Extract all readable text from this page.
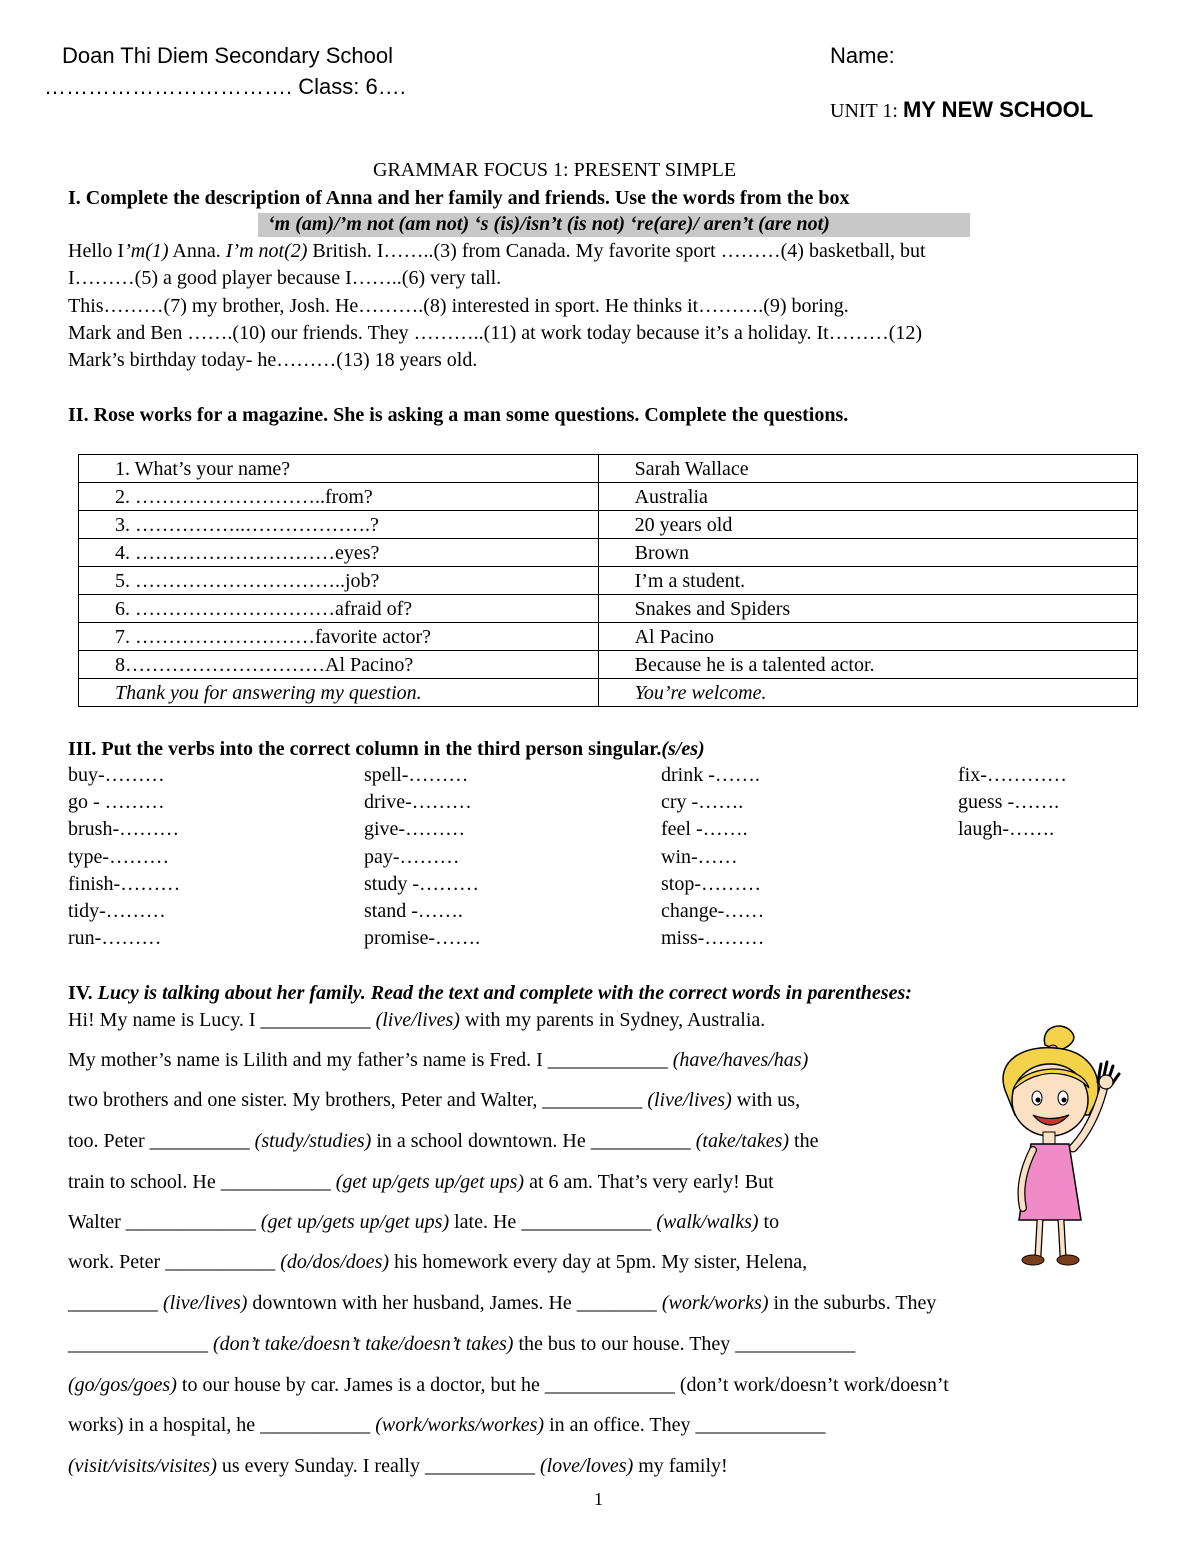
Doan Thi Diem Secondary School	Name:
……………………………. Class: 6….
UNIT 1: MY NEW SCHOOL
GRAMMAR FOCUS 1: PRESENT SIMPLE
I. Complete the description of Anna and her family and friends. Use the words from the box
‘m (am)/’m not (am not) ‘s (is)/isn’t (is not) ‘re(are)/ aren’t (are not)
Hello I’m(1) Anna. I’m not(2) British. I……..(3) from Canada. My favorite sport ………(4) basketball, but
I………(5) a good player because I……..(6) very tall.
This………(7) my brother, Josh. He……….(8) interested in sport. He thinks it……….(9) boring.
Mark and Ben …….(10) our friends. They ………..(11) at work today because it’s a holiday. It………(12)
Mark’s birthday today- he………(13) 18 years old.
II. Rose works for a magazine. She is asking a man some questions. Complete the questions.
1. What’s your name?	Sarah Wallace
2. ………………………..from?	Australia
3. ……………..……………….?	20 years old
4. …………………………eyes?	Brown
5. …………………………..job?	I’m a student.
6. …………………………afraid of?	Snakes and Spiders
7. ………………………favorite actor?	Al Pacino
8…………………………Al Pacino?	Because he is a talented actor.
Thank you for answering my question.	You’re welcome.
III. Put the verbs into the correct column in the third person singular.(s/es)
buy-………
go - ………
brush-………
type-………
finish-………
tidy-………
run-………
spell-………
drive-………
give-………
pay-………
study -………
stand -…….
promise-…….
drink -…….
cry -…….
feel -…….
win-……
stop-………
change-……
miss-………
fix-…………
guess -…….
laugh-…….
IV. Lucy is talking about her family. Read the text and complete with the correct words in parentheses:
Hi! My name is Lucy. I ___________ (live/lives) with my parents in Sydney, Australia.
My mother’s name is Lilith and my father’s name is Fred. I ____________ (have/haves/has)
two brothers and one sister. My brothers, Peter and Walter, __________ (live/lives) with us,
too. Peter __________ (study/studies) in a school downtown. He __________ (take/takes) the
train to school. He ___________ (get up/gets up/get ups) at 6 am. That’s very early! But
Walter _____________ (get up/gets up/get ups) late. He _____________ (walk/walks) to
work. Peter ___________ (do/dos/does) his homework every day at 5pm. My sister, Helena,
_________ (live/lives) downtown with her husband, James. He ________ (work/works) in the suburbs. They
______________ (don’t take/doesn’t take/doesn’t takes) the bus to our house. They ____________
(go/gos/goes) to our house by car. James is a doctor, but he _____________ (don’t work/doesn’t work/doesn’t
works) in a hospital, he ___________ (work/works/workes) in an office. They _____________
(visit/visits/visites) us every Sunday. I really ___________ (love/loves) my family!
1
